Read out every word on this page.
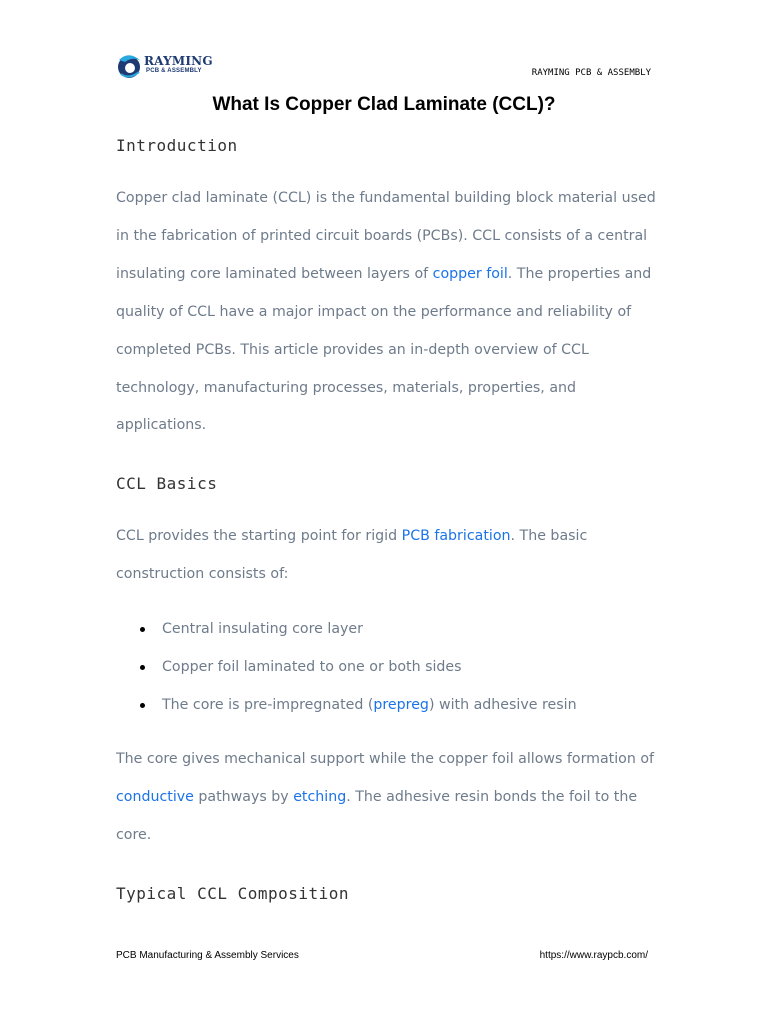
RAYMING
PCB & ASSEMBLY	RAYMING PCB & ASSEMBLY
What Is Copper Clad Laminate (CCL)?
Introduction

Copper clad laminate (CCL) is the fundamental building block material used in the fabrication of printed circuit boards (PCBs). CCL consists of a central insulating core laminated between layers of copper foil. The properties and quality of CCL have a major impact on the performance and reliability of completed PCBs. This article provides an in-depth overview of CCL technology, manufacturing processes, materials, properties, and applications.

CCL Basics

CCL provides the starting point for rigid PCB fabrication. The basic construction consists of:

Central insulating core layer
Copper foil laminated to one or both sides
The core is pre-impregnated (prepreg) with adhesive resin

The core gives mechanical support while the copper foil allows formation of conductive pathways by etching. The adhesive resin bonds the foil to the core.

Typical CCL Composition
PCB Manufacturing & Assembly Services	https://www.raypcb.com/
